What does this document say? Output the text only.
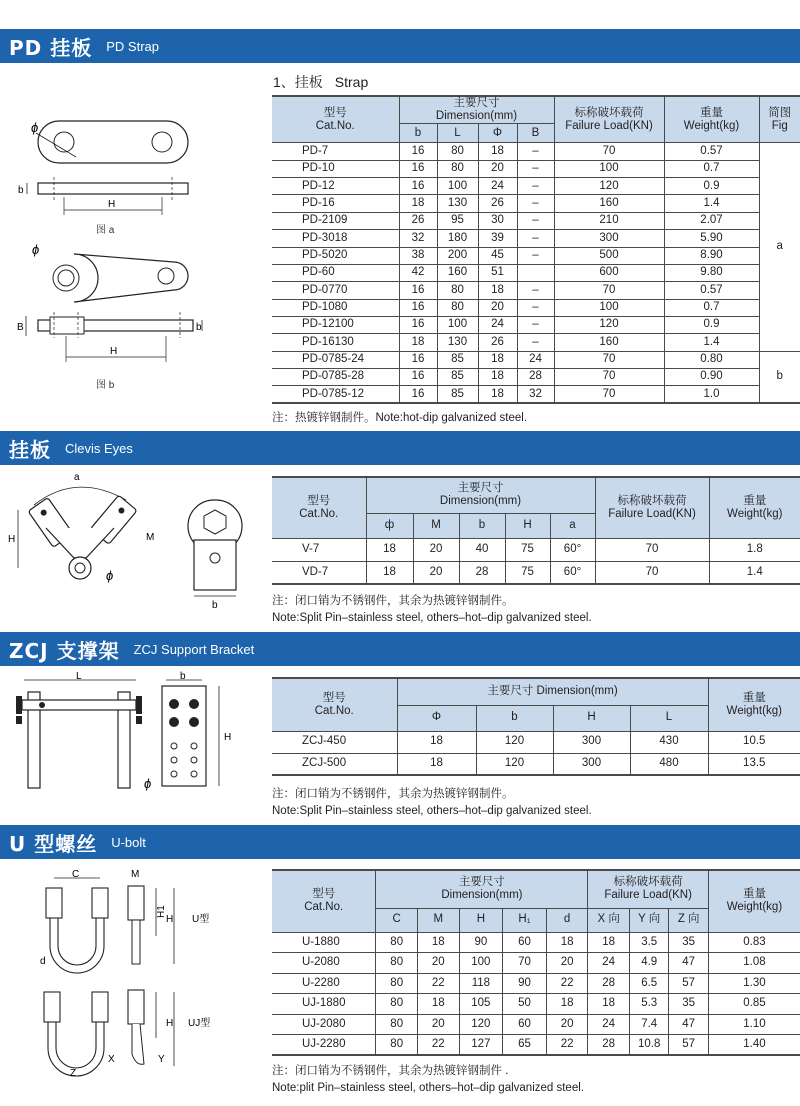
PD 挂板 PD Strap
1、挂板 Strap
型号
Cat.No.	主要尺寸
Dimension(mm)				标称破坏载荷
Failure Load(KN)	重量
Weight(kg)	简图
Fig

	b	L	Φ	B			
PD-7	16	80	18	–	70	0.57	a
PD-10	16	80	20	–	100	0.7	
PD-12	16	100	24	–	120	0.9	
PD-16	18	130	26	–	160	1.4	
PD-2109	26	95	30	–	210	2.07	
PD-3018	32	180	39	–	300	5.90	
PD-5020	38	200	45	–	500	8.90	
PD-60	42	160	51		600	9.80	
PD-0770	16	80	18	–	70	0.57	
PD-1080	16	80	20	–	100	0.7	
PD-12100	16	100	24	–	120	0.9	
PD-16130	18	130	26	–	160	1.4	
PD-0785-24	16	85	18	24	70	0.80	b
PD-0785-28	16	85	18	28	70	0.90	
PD-0785-12	16	85	18	32	70	1.0	
注：热镀锌钢制件。Note:hot-dip galvanized steel.
ϕ
b
H
图 a
ϕ
B	b
H
图 b
挂板 Clevis Eyes
型号
Cat.No.	主要尺寸
Dimension(mm)					标称破坏载荷
Failure Load(KN)	重量
Weight(kg)

	ф	M	b	H	a		
V-7	18	20	40	75	60°	70	1.8
VD-7	18	20	28	75	60°	70	1.4
注：闭口销为不锈钢件，其余为热镀锌钢制件。
Note:Split Pin–stainless steel, others–hot–dip galvanized steel.
a
H	M
ϕ
b
ZCJ 支撑架 ZCJ Support Bracket
型号
Cat.No.	主要尺寸 Dimension(mm)				重量
Weight(kg)

	Φ	b	H	L	
ZCJ-450	18	120	300	430	10.5
ZCJ-500	18	120	300	480	13.5
注：闭口销为不锈钢件，其余为热镀锌钢制件。
Note:Split Pin–stainless steel, others–hot–dip galvanized steel.
L	b
H
ϕ
U 型螺丝 U-bolt
型号
Cat.No.	主要尺寸
Dimension(mm)					标称破坏载荷
Failure Load(KN)			重量
Weight(kg)

	C	M	H	H₁	d	X 向	Y 向	Z 向	
U-1880	80	18	90	60	18	18	3.5	35	0.83
U-2080	80	20	100	70	20	24	4.9	47	1.08
U-2280	80	22	118	90	22	28	6.5	57	1.30
UJ-1880	80	18	105	50	18	18	5.3	35	0.85
UJ-2080	80	20	120	60	20	24	7.4	47	1.10
UJ-2280	80	22	127	65	22	28	10.8	57	1.40
注：闭口销为不锈钢件，其余为热镀锌钢制件 .
Note:plit Pin–stainless steel, others–hot–dip galvanized steel.
C
d
M
H1
H U型
Z
X
H UJ型
Y
